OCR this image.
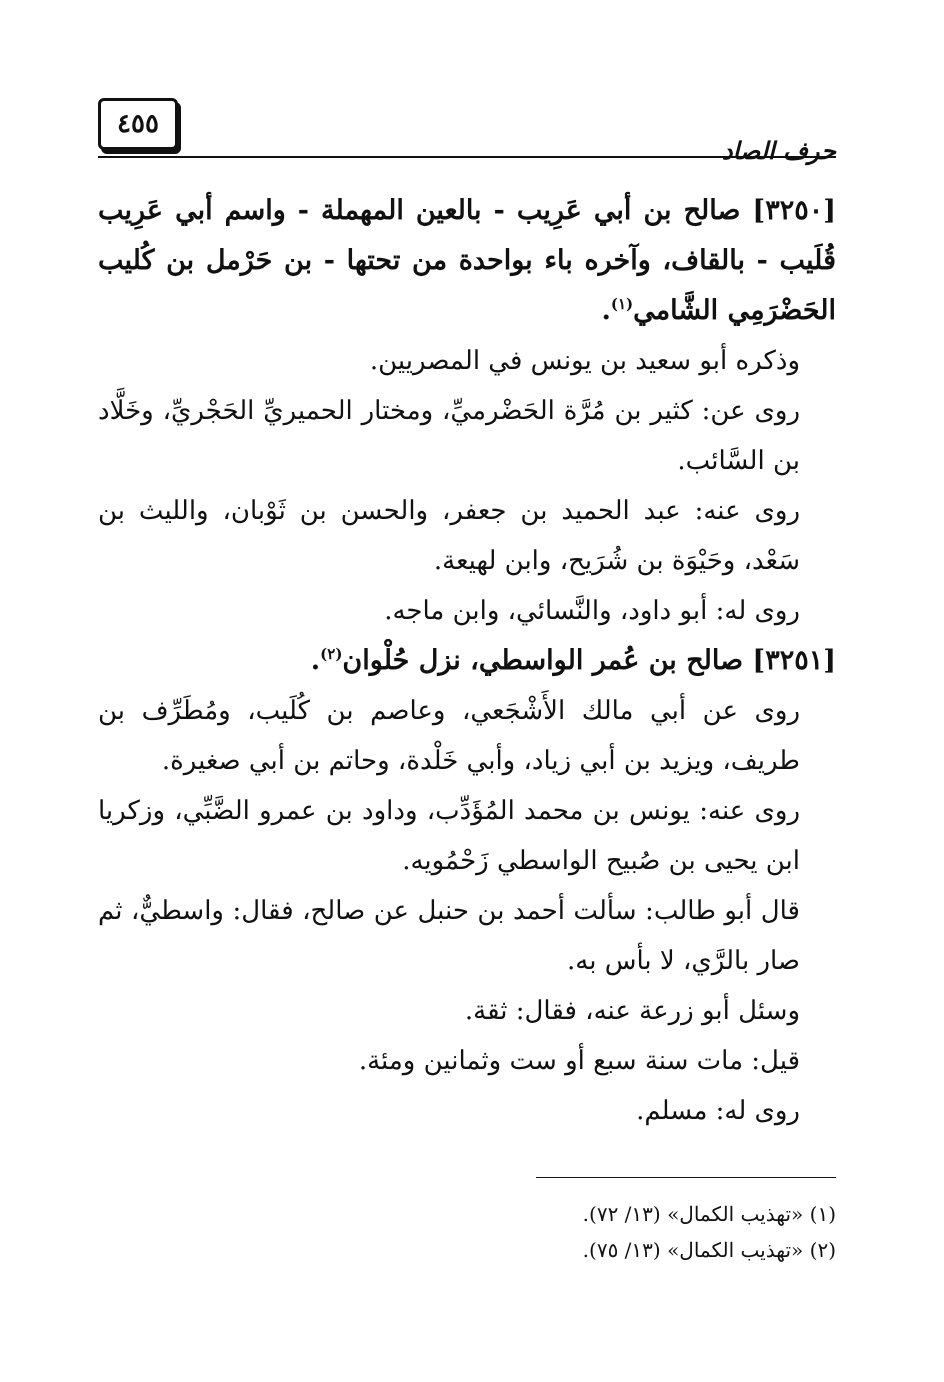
٤٥٥
حرف الصاد

[٣٢٥٠] صالح بن أبي عَرِيب - بالعين المهملة - واسم أبي عَرِيب قُلَيب - بالقاف، وآخره باء بواحدة من تحتها - بن حَرْمل بن كُليب الحَضْرَمِي الشَّامي$^{(١)}$.

وذكره أبو سعيد بن يونس في المصريين.

روى عن: كثير بن مُرَّة الحَضْرميِّ، ومختار الحميريِّ الحَجْريِّ، وخَلَّاد بن السَّائب.

روى عنه: عبد الحميد بن جعفر، والحسن بن ثَوْبان، والليث بن سَعْد، وحَيْوَة بن شُرَيح، وابن لهيعة.

روى له: أبو داود، والنَّسائي، وابن ماجه.

[٣٢٥١] صالح بن عُمر الواسطي، نزل حُلْوان$^{(٢)}$.

روى عن أبي مالك الأَشْجَعي، وعاصم بن كُلَيب، ومُطَرِّف بن طريف، ويزيد بن أبي زياد، وأبي خَلْدة، وحاتم بن أبي صغيرة.

روى عنه: يونس بن محمد المُؤَدِّب، وداود بن عمرو الضَّبِّي، وزكريا ابن يحيى بن صُبيح الواسطي زَحْمُويه.

قال أبو طالب: سألت أحمد بن حنبل عن صالح، فقال: واسطيٌّ، ثم صار بالرَّي، لا بأس به.

وسئل أبو زرعة عنه، فقال: ثقة.

قيل: مات سنة سبع أو ست وثمانين ومئة.

روى له: مسلم.

(١) «تهذيب الكمال» (١٣/ ٧٢).

(٢) «تهذيب الكمال» (١٣/ ٧٥).
